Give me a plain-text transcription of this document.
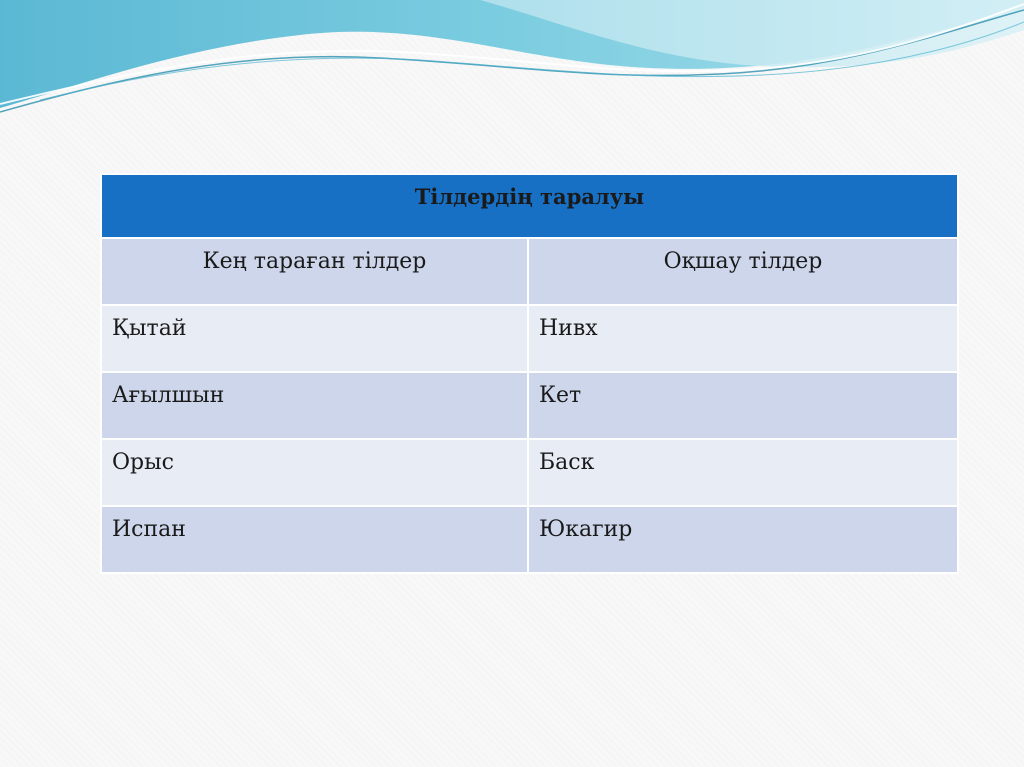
Тілдердің таралуы	
Кең тараған тілдер	Оқшау тілдер
Қытай	Нивх
Ағылшын	Кет
Орыс	Баск
Испан	Юкагир
